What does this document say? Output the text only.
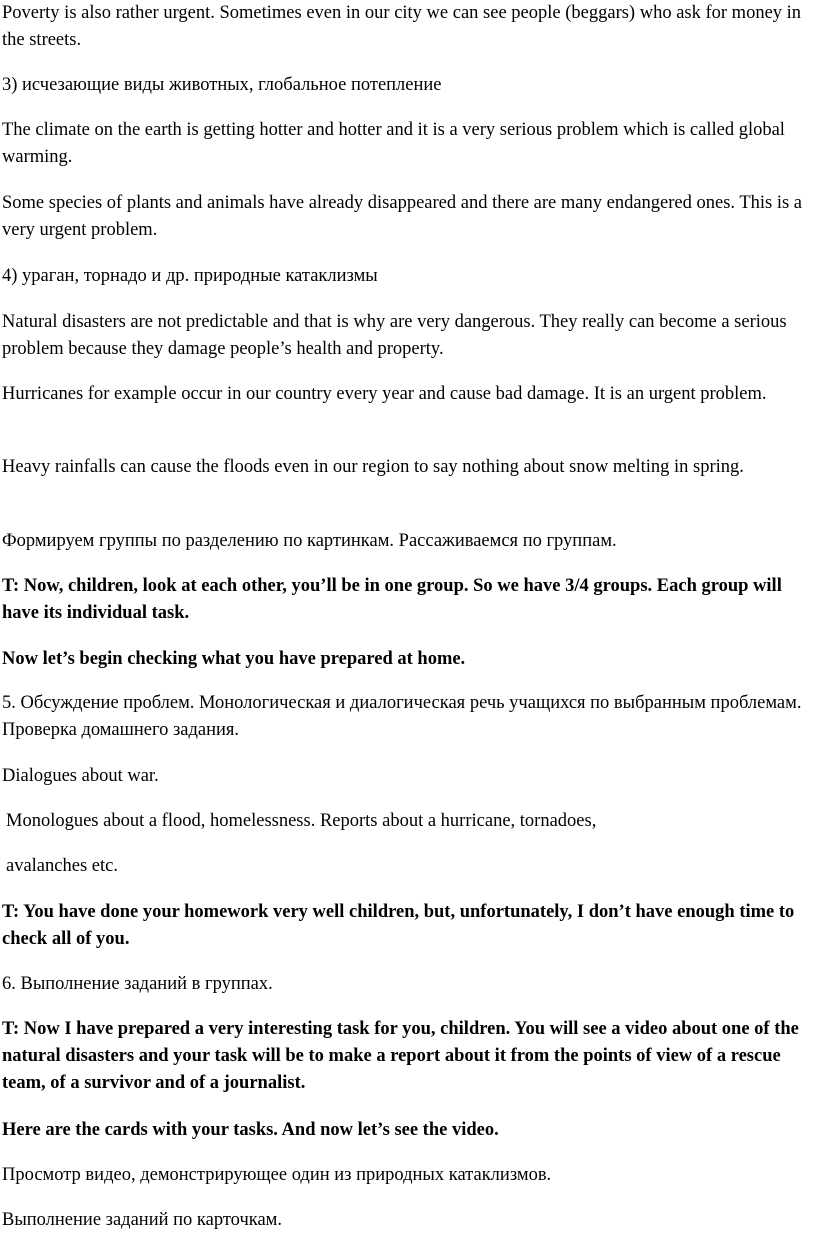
Poverty is also rather urgent. Sometimes even in our city we can see people (beggars) who ask for money in the streets.

3) исчезающие виды животных, глобальное потепление

The climate on the earth is getting hotter and hotter and it is a very serious problem which is called global warming.

Some species of plants and animals have already disappeared and there are many endangered ones. This is a very urgent problem.

4) ураган, торнадо и др. природные катаклизмы

Natural disasters are not predictable and that is why are very dangerous. They really can become a serious problem because they damage people’s health and property.

Hurricanes for example occur in our country every year and cause bad damage. It is an urgent problem.

Heavy rainfalls can cause the floods even in our region to say nothing about snow melting in spring.

Формируем группы по разделению по картинкам. Рассаживаемся по группам.

T: Now, children, look at each other, you’ll be in one group. So we have 3/4 groups. Each group will have its individual task.

Now let’s begin checking what you have prepared at home.

5. Обсуждение проблем. Монологическая и диалогическая речь учащихся по выбранным проблемам. Проверка домашнего задания.

Dialogues about war.

Monologues about a flood, homelessness. Reports about a hurricane, tornadoes,

avalanches etc.

T: You have done your homework very well children, but, unfortunately, I don’t have enough time to check all of you.

6. Выполнение заданий в группах.

T: Now I have prepared a very interesting task for you, children. You will see a video about one of the natural disasters and your task will be to make a report about it from the points of view of a rescue team, of a survivor and of a journalist.

Here are the cards with your tasks. And now let’s see the video.

Просмотр видео, демонстрирующее один из природных катаклизмов.

Выполнение заданий по карточкам.
